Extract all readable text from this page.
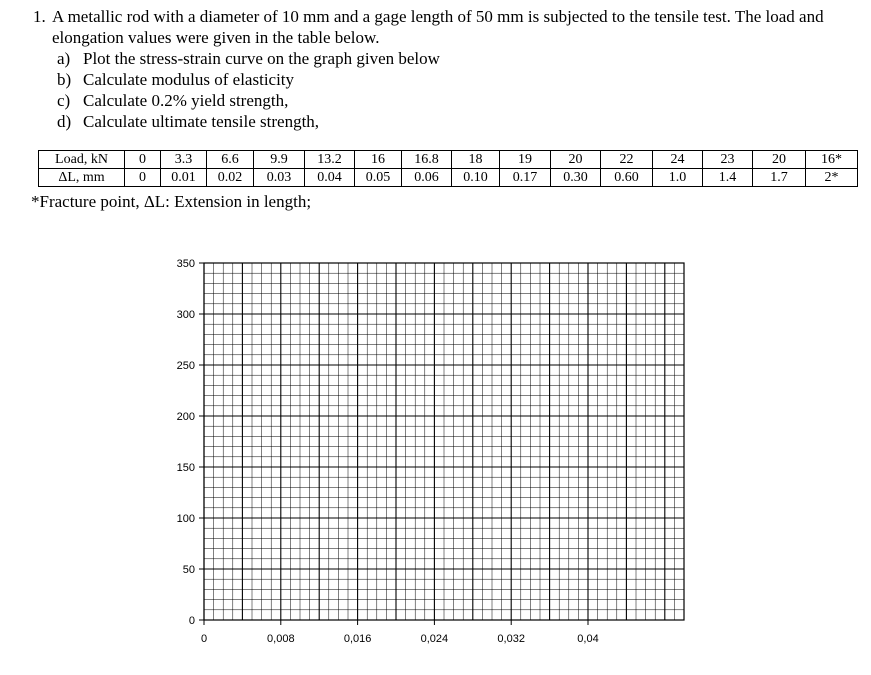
1. A metallic rod with a diameter of 10 mm and a gage length of 50 mm is subjected to the tensile test. The load and elongation values were given in the table below.
a) Plot the stress-strain curve on the graph given below
b) Calculate modulus of elasticity
c) Calculate 0.2% yield strength,
d) Calculate ultimate tensile strength,
Load, kN	0	3.3	6.6	9.9	13.2	16	16.8	18	19	20	22	24	23	20	16*
ΔL, mm	0	0.01	0.02	0.03	0.04	0.05	0.06	0.10	0.17	0.30	0.60	1.0	1.4	1.7	2*
*Fracture point, ΔL: Extension in length;
0
50
100
150
200
250
300
350
0	0,008	0,016	0,024	0,032	0,04
